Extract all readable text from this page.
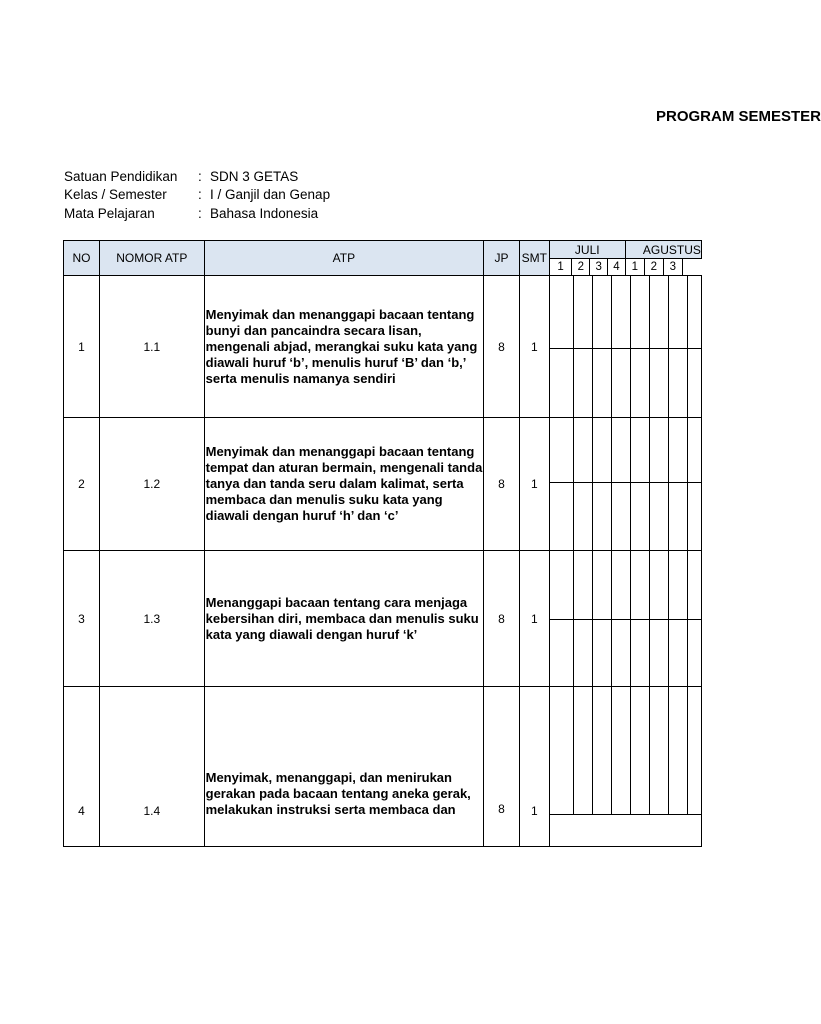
PROGRAM SEMESTER
Satuan Pendidikan : SDN 3 GETAS
Kelas / Semester : I / Ganjil dan Genap
Mata Pelajaran	: Bahasa Indonesia
NO	NOMOR ATP	ATP	JP	SMT	JULI				AGUSTUS			
					1	2	3	4	1	2	3	
1	1.1	Menyimak dan menanggapi bacaan tentang bunyi dan pancaindra secara lisan, mengenali abjad, merangkai suku kata yang diawali huruf ‘b’, menulis huruf ‘B’ dan ‘b,’ serta menulis namanya sendiri	8	1								

2	1.2	Menyimak dan menanggapi bacaan tentang tempat dan aturan bermain, mengenali tanda tanya dan tanda seru dalam kalimat, serta membaca dan menulis suku kata yang diawali dengan huruf ‘h’ dan ‘c’	8	1								

3	1.3	Menanggapi bacaan tentang cara menjaga kebersihan diri, membaca dan menulis suku kata yang diawali dengan huruf ‘k’	8	1								

4	1.4	Menyimak, menanggapi, dan menirukan gerakan pada bacaan tentang aneka gerak, melakukan instruksi serta membaca dan	8	1								
